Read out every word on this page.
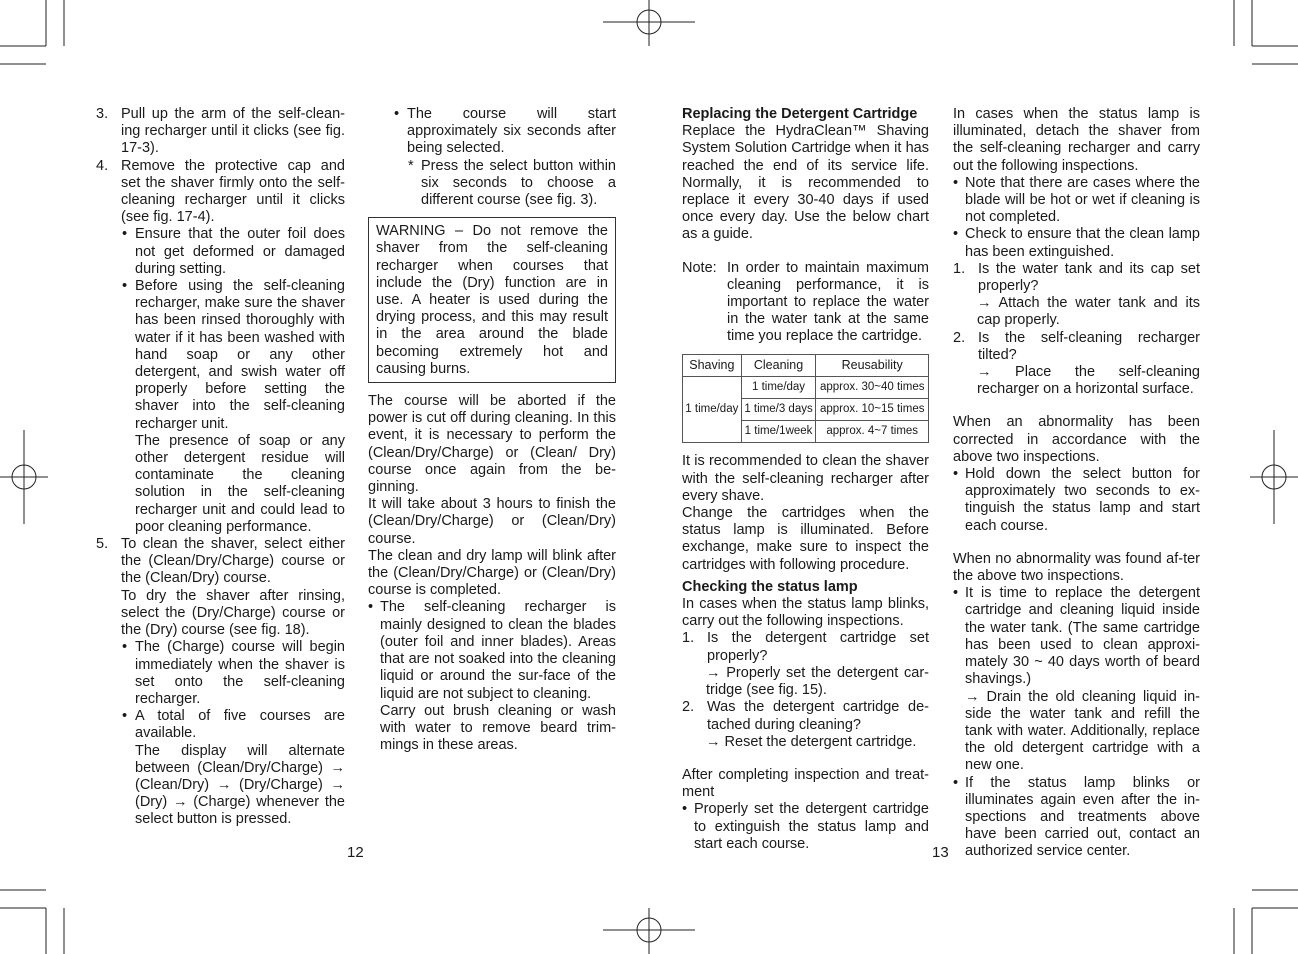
3. Pull up the arm of the self-clean-ing recharger until it clicks (see fig. 17-3).
4. Remove the protective cap and set the shaver firmly onto the self-cleaning recharger until it clicks (see fig. 17-4).
• Ensure that the outer foil does not get deformed or damaged during setting.
• Before using the self-cleaning recharger, make sure the shaver has been rinsed thoroughly with water if it has been washed with hand soap or any other detergent, and swish water off properly before setting the shaver into the self-cleaning recharger unit.
The presence of soap or any other detergent residue will contaminate the cleaning solution in the self-cleaning recharger unit and could lead to poor cleaning performance.
5. To clean the shaver, select either the (Clean/Dry/Charge) course or the (Clean/Dry) course.
To dry the shaver after rinsing, select the (Dry/Charge) course or the (Dry) course (see fig. 18).
• The (Charge) course will begin immediately when the shaver is set onto the self-cleaning recharger.
• A total of five courses are available.
The display will alternate between (Clean/Dry/Charge) → (Clean/Dry) → (Dry/Charge) → (Dry) → (Charge) whenever the select button is pressed.
• The course will start approximately six seconds after being selected.
* Press the select button within six seconds to choose a different course (see fig. 3).

WARNING – Do not remove the shaver from the self-cleaning recharger when courses that include the (Dry) function are in use. A heater is used during the drying process, and this may result in the area around the blade becoming extremely hot and causing burns.

The course will be aborted if the power is cut off during cleaning. In this event, it is necessary to perform the (Clean/Dry/Charge) or (Clean/ Dry) course once again from the be-ginning.

It will take about 3 hours to finish the (Clean/Dry/Charge) or (Clean/Dry) course.

The clean and dry lamp will blink after the (Clean/Dry/Charge) or (Clean/Dry) course is completed.

• The self-cleaning recharger is mainly designed to clean the blades (outer foil and inner blades). Areas that are not soaked into the cleaning liquid or around the sur-face of the liquid are not subject to cleaning.
Carry out brush cleaning or wash with water to remove beard trim-mings in these areas.

Replacing the Detergent Cartridge

Replace the HydraClean™ Shaving System Solution Cartridge when it has reached the end of its service life. Normally, it is recommended to replace it every 30-40 days if used once every day. Use the below chart as a guide.

Note: In order to maintain maximum cleaning performance, it is important to replace the water in the water tank at the same time you replace the cartridge.
Shaving	Cleaning	Reusability
1 time/day	1 time/day	approx. 30~40 times
	1 time/3 days	approx. 10~15 times
	1 time/1week	approx. 4~7 times

It is recommended to clean the shaver with the self-cleaning recharger after every shave.

Change the cartridges when the status lamp is illuminated. Before exchange, make sure to inspect the cartridges with following procedure.

Checking the status lamp

In cases when the status lamp blinks, carry out the following inspections.

1. Is the detergent cartridge set properly?

→ Properly set the detergent car-tridge (see fig. 15).

2. Was the detergent cartridge de-tached during cleaning?

→ Reset the detergent cartridge.

After completing inspection and treat-ment

• Properly set the detergent cartridge to extinguish the status lamp and start each course.

In cases when the status lamp is illuminated, detach the shaver from the self-cleaning recharger and carry out the following inspections.

• Note that there are cases where the blade will be hot or wet if cleaning is not completed.
• Check to ensure that the clean lamp has been extinguished.
1. Is the water tank and its cap set properly?

→ Attach the water tank and its cap properly.

2. Is the self-cleaning recharger tilted?

→ Place the self-cleaning recharger on a horizontal surface.

When an abnormality has been corrected in accordance with the above two inspections.

• Hold down the select button for approximately two seconds to ex-tinguish the status lamp and start each course.

When no abnormality was found af-ter the above two inspections.

• It is time to replace the detergent cartridge and cleaning liquid inside the water tank. (The same cartridge has been used to clean approxi-mately 30 ~ 40 days worth of beard shavings.)
→ Drain the old cleaning liquid in-side the water tank and refill the tank with water. Additionally, replace the old detergent cartridge with a new one.
• If the status lamp blinks or illuminates again even after the in-spections and treatments above have been carried out, contact an authorized service center.
12	13
